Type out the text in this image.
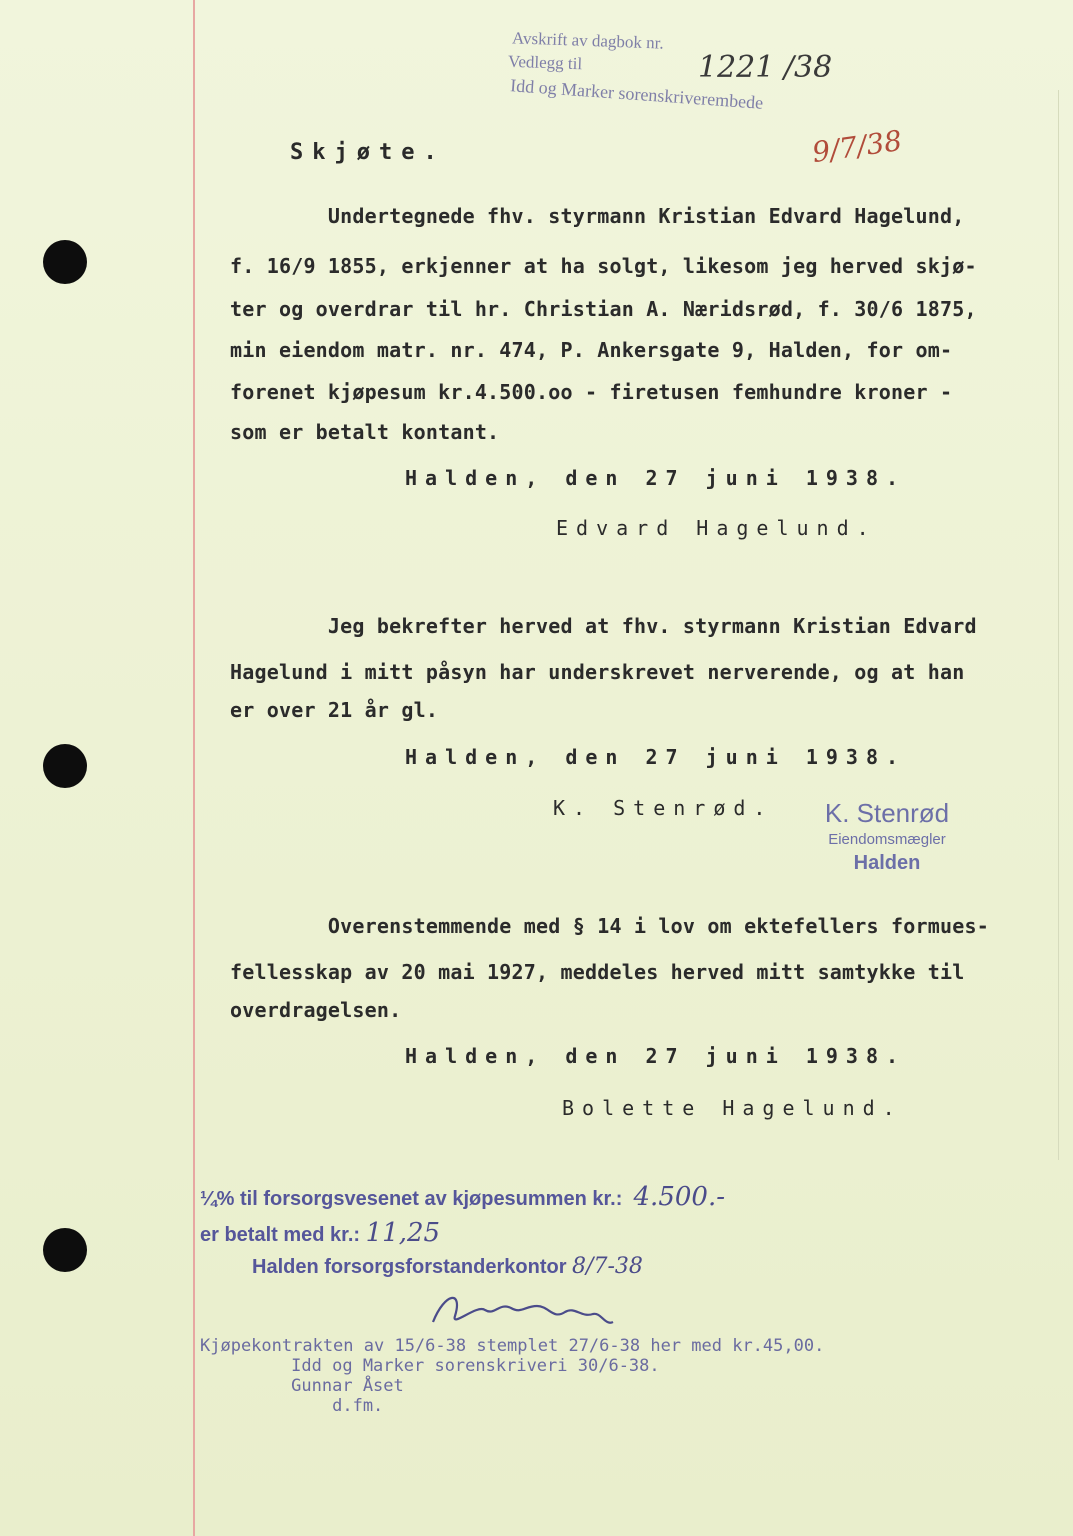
Avskrift av dagbok nr.
Vedlegg til
Idd og Marker sorenskriverembede
1221 /38
9/7/38
Skjøte.
Undertegnede fhv. styrmann Kristian Edvard Hagelund,
f. 16/9 1855, erkjenner at ha solgt, likesom jeg herved skjø-
ter og overdrar til hr. Christian A. Næridsrød, f. 30/6 1875,
min eiendom matr. nr. 474, P. Ankersgate 9, Halden, for om-
forenet kjøpesum kr.4.500.oo - firetusen femhundre kroner -
som er betalt kontant.
Halden, den 27 juni 1938.
Edvard Hagelund.
Jeg bekrefter herved at fhv. styrmann Kristian Edvard
Hagelund i mitt påsyn har underskrevet nerverende, og at han
er over 21 år gl.
Halden, den 27 juni 1938.
K. Stenrød.	K. Stenrød
Eiendomsmægler
Halden
Overenstemmende med § 14 i lov om ektefellers formues-
fellesskap av 20 mai 1927, meddeles herved mitt samtykke til
overdragelsen.
Halden, den 27 juni 1938.
Bolette Hagelund.
¼% til forsorgsvesenet av kjøpesummen kr.: 4.500.-
er betalt med kr.: 11,25
Halden forsorgsforstanderkontor 8/7-38
Kjøpekontrakten av 15/6-38 stemplet 27/6-38 her med kr.45,00.
Idd og Marker sorenskriveri 30/6-38.
Gunnar Åset
d.fm.
